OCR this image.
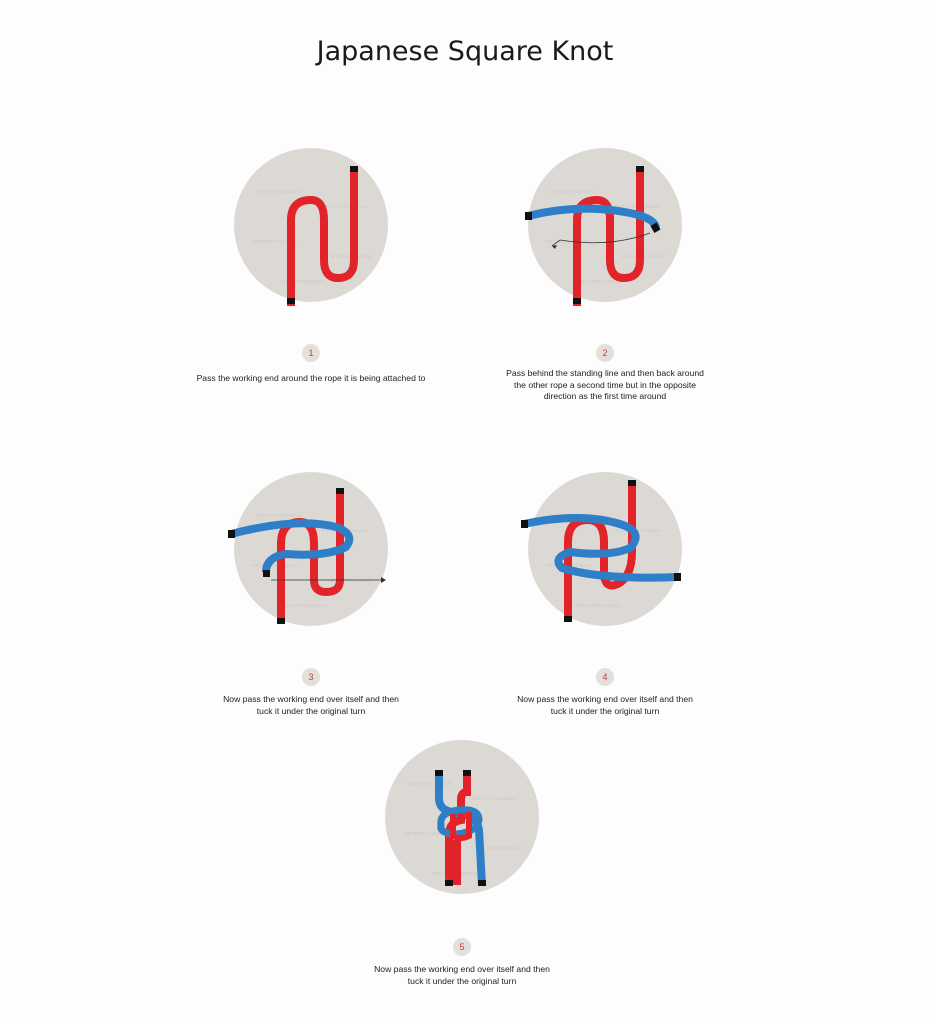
Japanese Square Knot
THE KNOTS MANUAL
THE KNOTS MANUAL
THE KNOTS MANUAL
THE KNOTS MANUAL
THE KNOTS MANUAL
1
Pass the working end around the rope it is being attached to
THE KNOTS MANUAL
THE KNOTS MANUAL
THE KNOTS MANUAL
THE KNOTS MANUAL
THE KNOTS MANUAL
2
Pass behind the standing line and then back around
the other rope a second time but in the opposite
direction as the first time around
THE KNOTS MANUAL
THE KNOTS MANUAL
THE KNOTS MANUAL
THE KNOTS MANUAL
THE KNOTS MANUAL
3
Now pass the working end over itself and then
tuck it under the original turn
THE KNOTS MANUAL
THE KNOTS MANUAL
THE KNOTS MANUAL
THE KNOTS MANUAL
THE KNOTS MANUAL
4
Now pass the working end over itself and then
tuck it under the original turn
THE KNOTS MANUAL
THE KNOTS MANUAL
THE KNOTS MANUAL
THE KNOTS MANUAL
THE KNOTS MANUAL
5
Now pass the working end over itself and then
tuck it under the original turn
